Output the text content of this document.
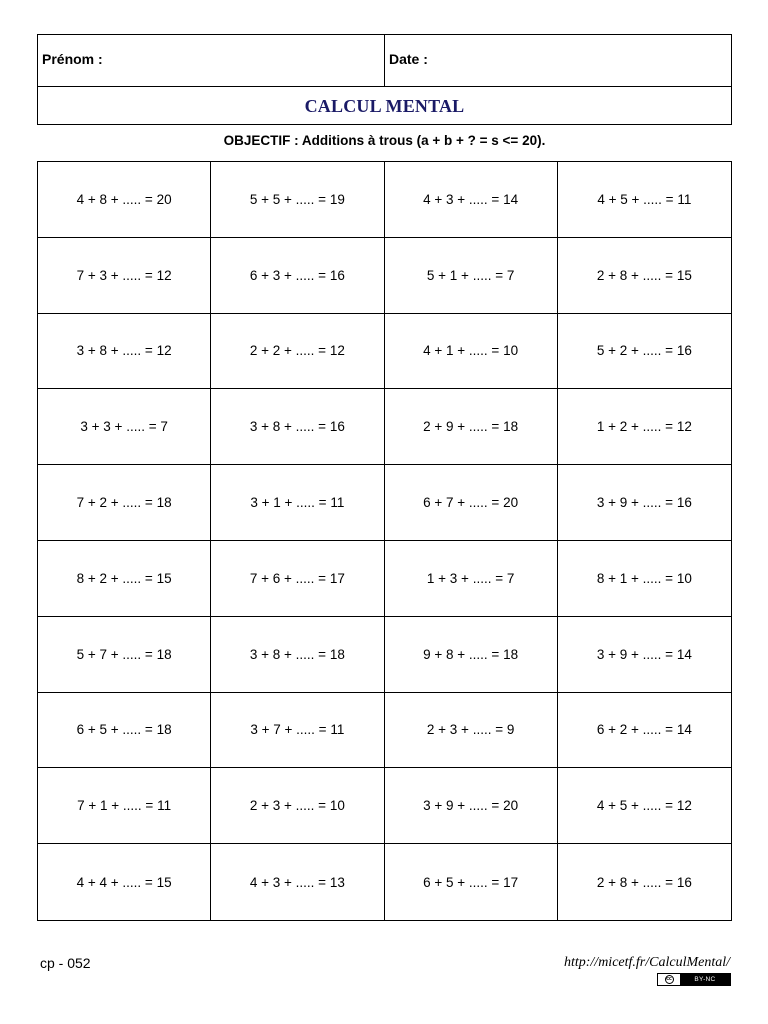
Prénom :	Date :
CALCUL MENTAL
OBJECTIF : Additions à trous (a + b + ? = s <= 20).
4 + 8 + ..... = 20	5 + 5 + ..... = 19	4 + 3 + ..... = 14	4 + 5 + ..... = 11
7 + 3 + ..... = 12	6 + 3 + ..... = 16	5 + 1 + ..... = 7	2 + 8 + ..... = 15
3 + 8 + ..... = 12	2 + 2 + ..... = 12	4 + 1 + ..... = 10	5 + 2 + ..... = 16
3 + 3 + ..... = 7	3 + 8 + ..... = 16	2 + 9 + ..... = 18	1 + 2 + ..... = 12
7 + 2 + ..... = 18	3 + 1 + ..... = 11	6 + 7 + ..... = 20	3 + 9 + ..... = 16
8 + 2 + ..... = 15	7 + 6 + ..... = 17	1 + 3 + ..... = 7	8 + 1 + ..... = 10
5 + 7 + ..... = 18	3 + 8 + ..... = 18	9 + 8 + ..... = 18	3 + 9 + ..... = 14
6 + 5 + ..... = 18	3 + 7 + ..... = 11	2 + 3 + ..... = 9	6 + 2 + ..... = 14
7 + 1 + ..... = 11	2 + 3 + ..... = 10	3 + 9 + ..... = 20	4 + 5 + ..... = 12
4 + 4 + ..... = 15	4 + 3 + ..... = 13	6 + 5 + ..... = 17	2 + 8 + ..... = 16
cp - 052	http://micetf.fr/CalculMental/
cc	BY-NC
